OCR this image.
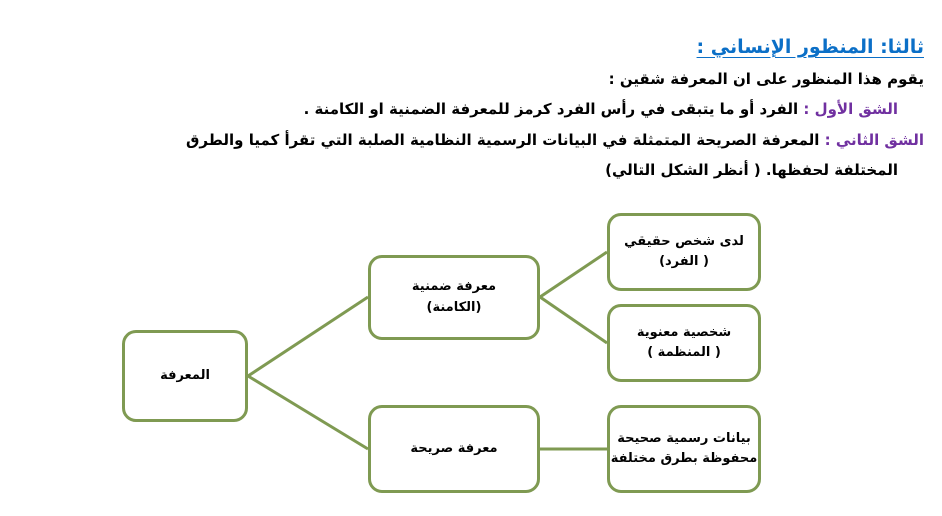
ثالثا: المنظور الإنساني :
يقوم هذا المنظور على ان المعرفة شقين :
الشق الأول : الفرد أو ما يتبقى في رأس الفرد كرمز للمعرفة الضمنية او الكامنة .
الشق الثاني : المعرفة الصريحة المتمثلة في البيانات الرسمية النظامية الصلبة التي تقرأ كميا والطرق
المختلفة لحفظها. ( أنظر الشكل التالي)
المعرفة
معرفة ضمنية
(الكامنة)
معرفة صريحة
لدى شخص حقيقي
( الفرد)
شخصية معنوية
( المنظمة )
بيانات رسمية صحيحة
محفوظة بطرق مختلفة
